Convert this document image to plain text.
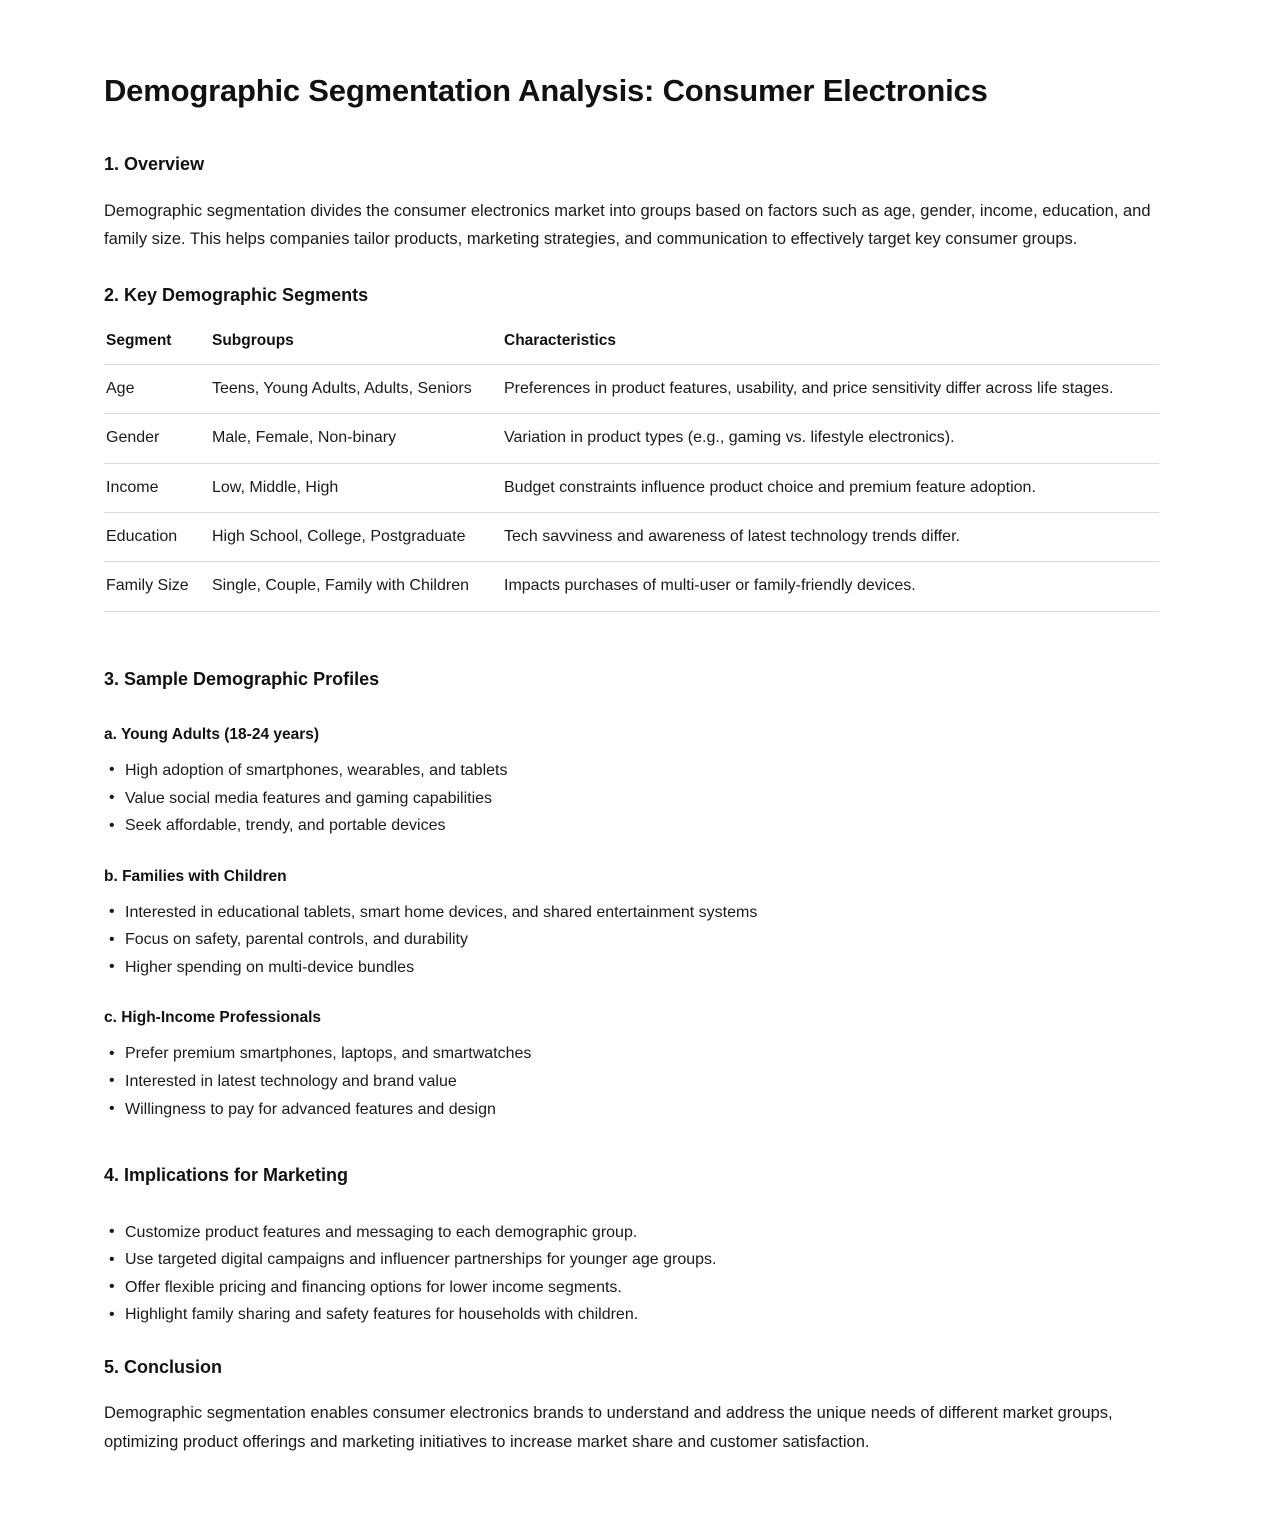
Demographic Segmentation Analysis: Consumer Electronics
1. Overview

Demographic segmentation divides the consumer electronics market into groups based on factors such as age, gender, income, education, and family size. This helps companies tailor products, marketing strategies, and communication to effectively target key consumer groups.

2. Key Demographic Segments
Segment	Subgroups	Characteristics
Age	Teens, Young Adults, Adults, Seniors	Preferences in product features, usability, and price sensitivity differ across life stages.
Gender	Male, Female, Non-binary	Variation in product types (e.g., gaming vs. lifestyle electronics).
Income	Low, Middle, High	Budget constraints influence product choice and premium feature adoption.
Education	High School, College, Postgraduate	Tech savviness and awareness of latest technology trends differ.
Family Size	Single, Couple, Family with Children	Impacts purchases of multi-user or family-friendly devices.
3. Sample Demographic Profiles
a. Young Adults (18-24 years)
• High adoption of smartphones, wearables, and tablets
• Value social media features and gaming capabilities
• Seek affordable, trendy, and portable devices
b. Families with Children
• Interested in educational tablets, smart home devices, and shared entertainment systems
• Focus on safety, parental controls, and durability
• Higher spending on multi-device bundles
c. High-Income Professionals
• Prefer premium smartphones, laptops, and smartwatches
• Interested in latest technology and brand value
• Willingness to pay for advanced features and design
4. Implications for Marketing
• Customize product features and messaging to each demographic group.
• Use targeted digital campaigns and influencer partnerships for younger age groups.
• Offer flexible pricing and financing options for lower income segments.
• Highlight family sharing and safety features for households with children.
5. Conclusion

Demographic segmentation enables consumer electronics brands to understand and address the unique needs of different market groups, optimizing product offerings and marketing initiatives to increase market share and customer satisfaction.
